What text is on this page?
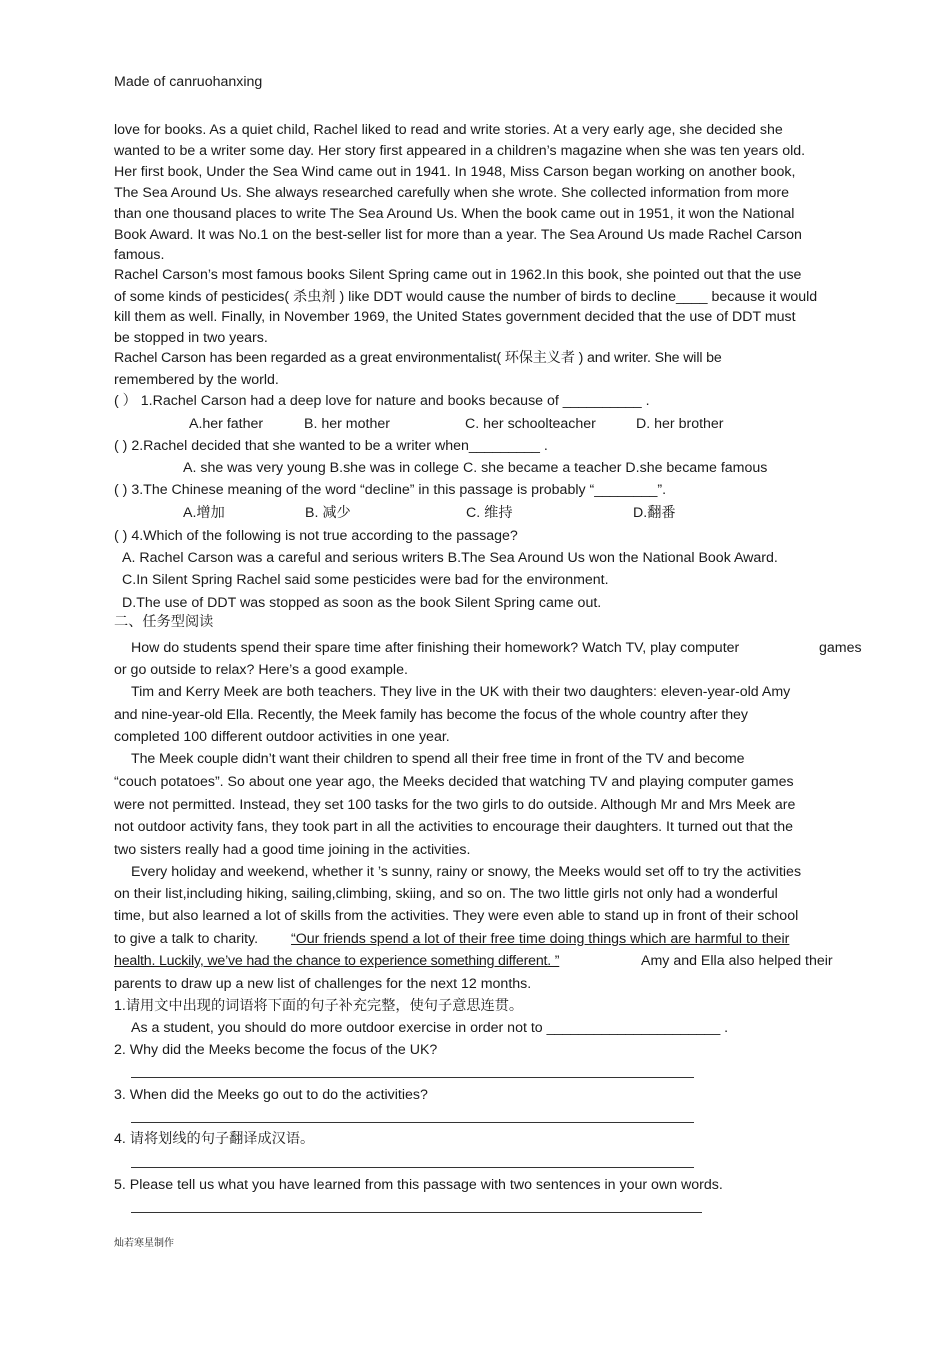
Made of canruohanxing
love for books. As a quiet child, Rachel liked to read and write stories. At a very early age, she decided she
wanted to be a writer some day. Her story first appeared in a children’s magazine when she was ten years old.
Her first book, Under the Sea Wind came out in 1941. In 1948, Miss Carson began working on another book,
The Sea Around Us. She always researched carefully when she wrote. She collected information from more
than one thousand places to write The Sea Around Us. When the book came out in 1951, it won the National
Book Award. It was No.1 on the best-seller list for more than a year. The Sea Around Us made Rachel Carson
famous.
Rachel Carson’s most famous books Silent Spring came out in 1962.In this book, she pointed out that the use
of some kinds of pesticides( 杀虫剂 ) like DDT would cause the number of birds to decline____ because it would
kill them as well. Finally, in November 1969, the United States government decided that the use of DDT must
be stopped in two years.
Rachel Carson has been regarded as a great environmentalist( 环保主义者 ) and writer. She will be
remembered by the world.
( ） 1.Rachel Carson had a deep love for nature and books because of __________ .
A.her father	B. her mother	C. her schoolteacher	D. her brother
( ) 2.Rachel decided that she wanted to be a writer when_________ .
A. she was very young B.she was in college C. she became a teacher D.she became famous
( ) 3.The Chinese meaning of the word “decline” in this passage is probably “________”.
A.增加	B. 减少	C. 维持	D.翻番
( ) 4.Which of the following is not true according to the passage?
A. Rachel Carson was a careful and serious writers B.The Sea Around Us won the National Book Award.
C.In Silent Spring Rachel said some pesticides were bad for the environment.
D.The use of DDT was stopped as soon as the book Silent Spring came out.
二、任务型阅读
How do students spend their spare time after finishing their homework? Watch TV, play computer	games
or go outside to relax? Here’s a good example.
Tim and Kerry Meek are both teachers. They live in the UK with their two daughters: eleven-year-old Amy
and nine-year-old Ella. Recently, the Meek family has become the focus of the whole country after they
completed 100 different outdoor activities in one year.
The Meek couple didn’t want their children to spend all their free time in front of the TV and become
“couch potatoes”. So about one year ago, the Meeks decided that watching TV and playing computer games
were not permitted. Instead, they set 100 tasks for the two girls to do outside. Although Mr and Mrs Meek are
not outdoor activity fans, they took part in all the activities to encourage their daughters. It turned out that the
two sisters really had a good time joining in the activities.
Every holiday and weekend, whether it ’s sunny, rainy or snowy, the Meeks would set off to try the activities
on their list,including hiking, sailing,climbing, skiing, and so on. The two little girls not only had a wonderful
time, but also learned a lot of skills from the activities. They were even able to stand up in front of their school
to give a talk to charity. “Our friends spend a lot of their free time doing things which are harmful to their
health. Luckily, we’ve had the chance to experience something different. ”	Amy and Ella also helped their
parents to draw up a new list of challenges for the next 12 months.
1.请用文中出现的词语将下面的句子补充完整，使句子意思连贯。
As a student, you should do more outdoor exercise in order not to ______________________ .
2. Why did the Meeks become the focus of the UK?
3. When did the Meeks go out to do the activities?
4. 请将划线的句子翻译成汉语。
5. Please tell us what you have learned from this passage with two sentences in your own words.
灿若寒星制作
